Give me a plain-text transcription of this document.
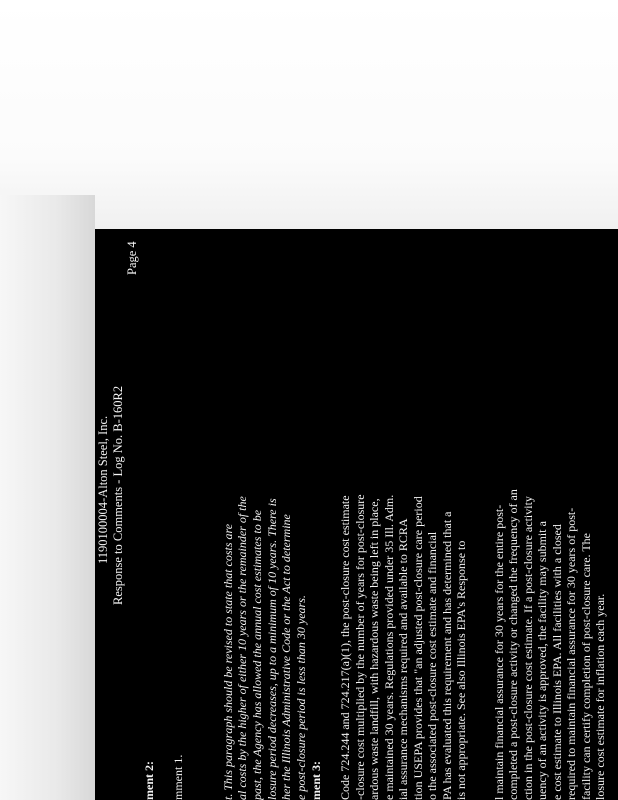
1190100004-Alton Steel, Inc. Response to Comments - Log No. B-160R2
Page 4
ment 2: mment 1.	t. This paragraph should be revised to state that costs are al costs by the higher of either 10 years or the remainder of the past, the Agency has allowed the annual cost estimates to be losure period decreases, up to a minimum of 10 years. There is her the Illinois Administrative Code or the Act to determine e post-closure period is less than 30 years. ment 3: Code 724.244 and 724.217(a)(1), the post-closure cost estimate -closure cost multiplied by the number of years for post-closure ardous waste landfill, with hazardous waste being left in place, e maintained 30 years. Regulations provided under 35 Ill. Adm. ial assurance mechanisms required and available to RCRA tion USEPA provides that "an adjusted post-closure care period o the associated post-closure cost estimate and financial PA has evaluated this requirement and has determined that a is not appropriate. See also Illinois EPA's Response to l maintain financial assurance for 30 years for the entire post- completed a post-closure activity or changed the frequency of an ction in the post-closure cost estimate. If a post-closure activity uency of an activity is approved, the facility may submit a e cost estimate to Illinois EPA. All facilities with a closed required to maintain financial assurance for 30 years of post- facility can certify completion of post-closure care. The losure cost estimate for inflation each year.
